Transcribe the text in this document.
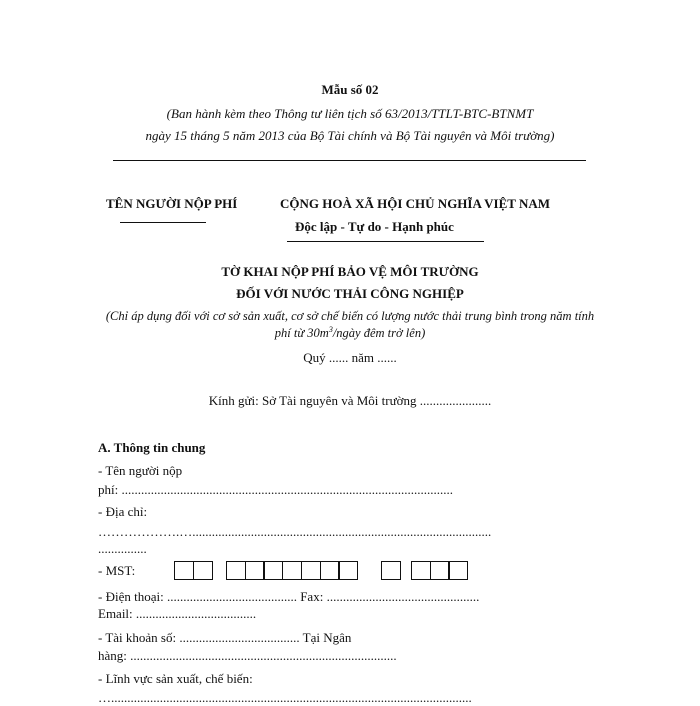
Mẫu số 02
(Ban hành kèm theo Thông tư liên tịch số 63/2013/TTLT-BTC-BTNMT
ngày 15 tháng 5 năm 2013 của Bộ Tài chính và Bộ Tài nguyên và Môi trường)
TÊN NGƯỜI NỘP PHÍ	CỘNG HOÀ XÃ HỘI CHỦ NGHĨA VIỆT NAM
Độc lập - Tự do - Hạnh phúc
TỜ KHAI NỘP PHÍ BẢO VỆ MÔI TRƯỜNG
ĐỐI VỚI NƯỚC THẢI CÔNG NGHIỆP
(Chỉ áp dụng đối với cơ sở sản xuất, cơ sở chế biến có lượng nước thải trung bình trong năm tính
phí từ $30m^3$/ngày đêm trở lên)
Quý ...... năm ......
Kính gửi: Sở Tài nguyên và Môi trường ......................
A. Thông tin chung
- Tên người nộp
phí: ......................................................................................................
- Địa chỉ:
……………….…............................................................................................
...............
- MST:
- Điện thoại: ........................................ Fax: ...............................................
Email: .....................................
- Tài khoản số: ..................................... Tại Ngân
hàng: ..................................................................................
- Lĩnh vực sản xuất, chế biến:
…...............................................................................................................
